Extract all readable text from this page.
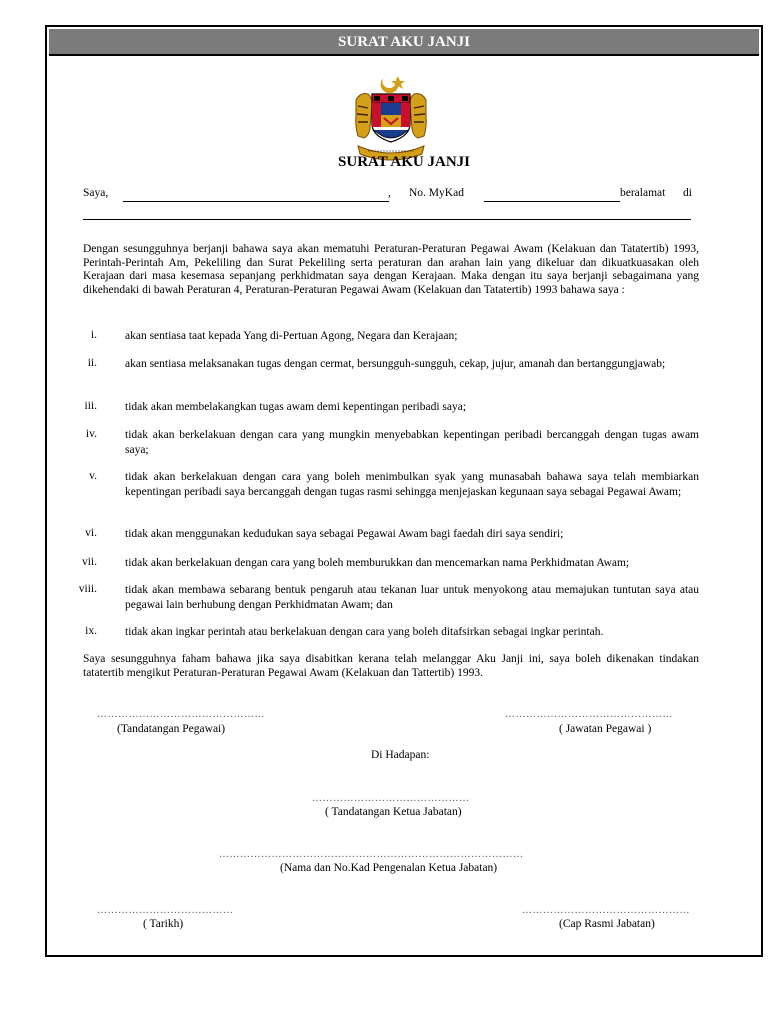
SURAT AKU JANJI
SURAT AKU JANJI
Saya,	, No. MyKad	beralamat di
Dengan sesungguhnya berjanji bahawa saya akan mematuhi Peraturan-Peraturan Pegawai Awam (Kelakuan dan Tatatertib) 1993, Perintah-Perintah Am, Pekeliling dan Surat Pekeliling serta peraturan dan arahan lain yang dikeluar dan dikuatkuasakan oleh Kerajaan dari masa kesemasa sepanjang perkhidmatan saya dengan Kerajaan. Maka dengan itu saya berjanji sebagaimana yang dikehendaki di bawah Peraturan 4, Peraturan-Peraturan Pegawai Awam (Kelakuan dan Tatatertib) 1993 bahawa saya :
i. akan sentiasa taat kepada Yang di-Pertuan Agong, Negara dan Kerajaan;
ii. akan sentiasa melaksanakan tugas dengan cermat, bersungguh-sungguh, cekap, jujur, amanah dan bertanggungjawab;
iii. tidak akan membelakangkan tugas awam demi kepentingan peribadi saya;
iv. tidak akan berkelakuan dengan cara yang mungkin menyebabkan kepentingan peribadi bercanggah dengan tugas awam saya;
v. tidak akan berkelakuan dengan cara yang boleh menimbulkan syak yang munasabah bahawa saya telah membiarkan kepentingan peribadi saya bercanggah dengan tugas rasmi sehingga menjejaskan kegunaan saya sebagai Pegawai Awam;
vi. tidak akan menggunakan kedudukan saya sebagai Pegawai Awam bagi faedah diri saya sendiri;
vii. tidak akan berkelakuan dengan cara yang boleh memburukkan dan mencemarkan nama Perkhidmatan Awam;
viii. tidak akan membawa sebarang bentuk pengaruh atau tekanan luar untuk menyokong atau memajukan tuntutan saya atau pegawai lain berhubung dengan Perkhidmatan Awam; dan
ix. tidak akan ingkar perintah atau berkelakuan dengan cara yang boleh ditafsirkan sebagai ingkar perintah.
Saya sesungguhnya faham bahawa jika saya disabitkan kerana telah melanggar Aku Janji ini, saya boleh dikenakan tindakan tatatertib mengikut Peraturan-Peraturan Pegawai Awam (Kelakuan dan Tattertib) 1993.
…………………………………………
(Tandatangan Pegawai)
…………………………………………
( Jawatan Pegawai )
Di Hadapan:
………………………………………
( Tandatangan Ketua Jabatan)
……………………………………………………………………………
(Nama dan No.Kad Pengenalan Ketua Jabatan)
…………………………………
( Tarikh)
…………………………………………
(Cap Rasmi Jabatan)
